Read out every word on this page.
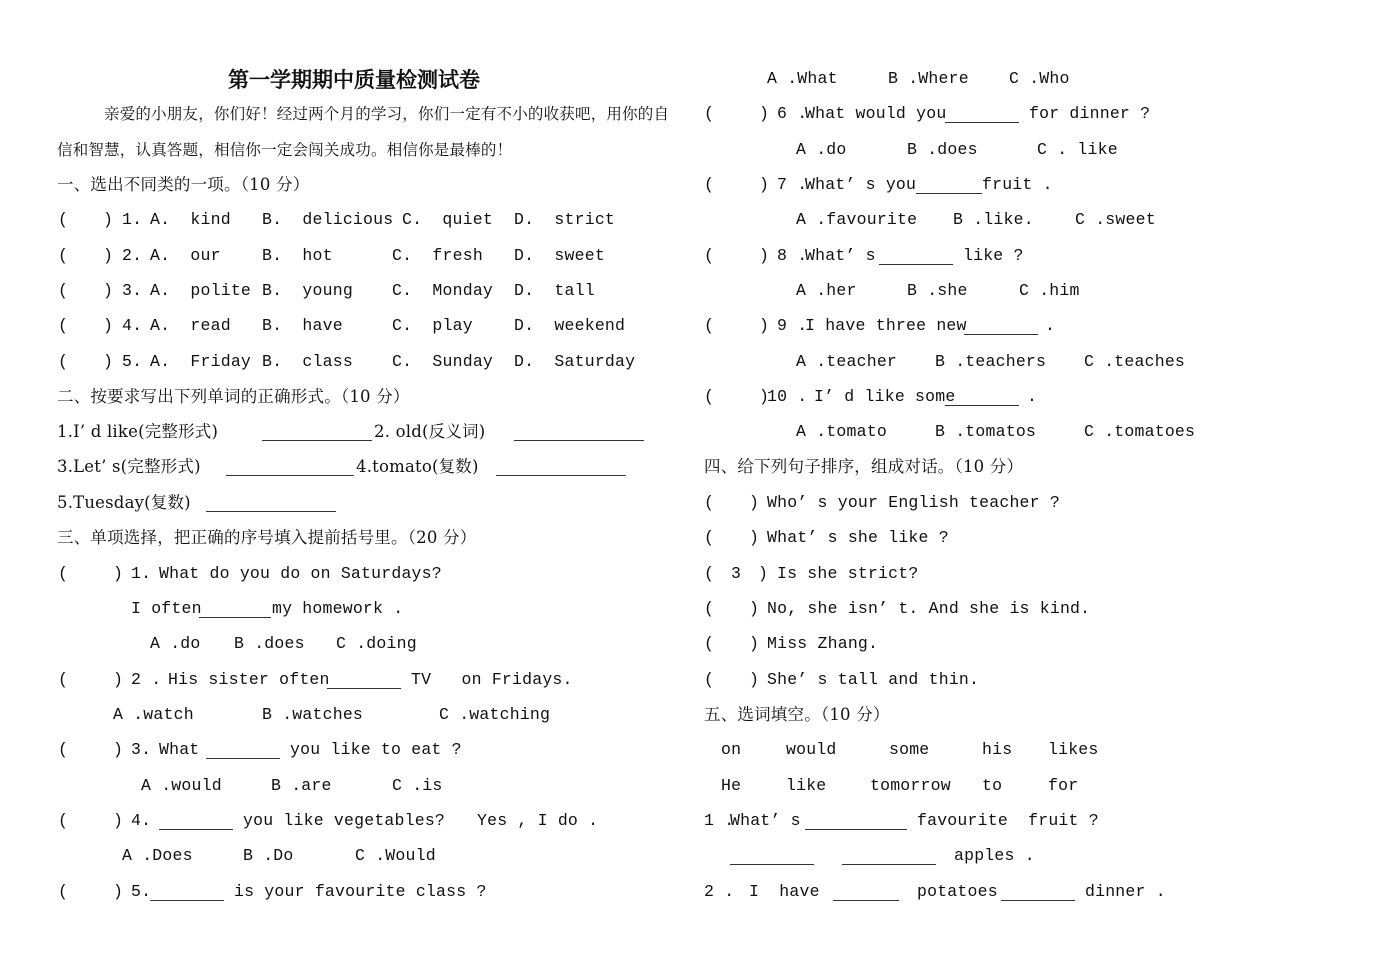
第一学期期中质量检测试卷
亲爱的小朋友，你们好！经过两个月的学习，你们一定有不小的收获吧，用你的自
信和智慧，认真答题，相信你一定会闯关成功。相信你是最棒的！
一、选出不同类的一项。（10 分）
( ) 1. A.  kind B.  delicious C.  quiet D.  strict
( ) 2. A.  our	B.  hot	C.  fresh D.  sweet
( ) 3. A.  polite B.  young C.  Monday D.  tall
( ) 4. A.  read B.  have	C.  play D.  weekend
( ) 5. A.  Friday B.  class C.  Sunday D.  Saturday
二、按要求写出下列单词的正确形式。（10 分）
1.I’ d like(完整形式)	2. old(反义词)
3.Let’ s(完整形式)	4.tomato(复数)
5.Tuesday(复数)
三、单项选择，把正确的序号填入提前括号里。（20 分）
(	) 1. What do you do on Saturdays?
I often	my homework .
A .do B .does C .doing
(	) 2 . His sister often	TV   on Fridays.
A .watch	B .watches	C .watching
(	) 3. What	you like to eat ?
A .would	B .are	C .is
(	) 4.	you like vegetables? Yes , I do .
A .Does	B .Do	C .Would
(	) 5.	is your favourite class ?
A .What	B .Where C .Who
(	) 6 .
What would you	for dinner ?
A .do	B .does	C . like
(	) 7 .
What’ s you	fruit .
A .favourite B .like. C .sweet
(	) 8 .
What’ s	like ?
A .her	B .she	C .him
(	) 9 .
I have three new	.
A .teacher B .teachers C .teaches
(	)
10 . I’ d like some	.
A .tomato	B .tomatos	C .tomatoes
四、给下列句子排序，组成对话。（10 分）
( ) Who’ s your English teacher ?
( ) What’ s she like ?
( 3 ) Is she strict?
( ) No, she isn’ t. And she is kind.
( ) Miss Zhang.
( ) She’ s tall and thin.
五、选词填空。（10 分）
on	would	some	his likes
He	like	tomorrow to	for
1 .
What’ s	favourite  fruit ?
apples .
2 . I  have	potatoes	dinner .
